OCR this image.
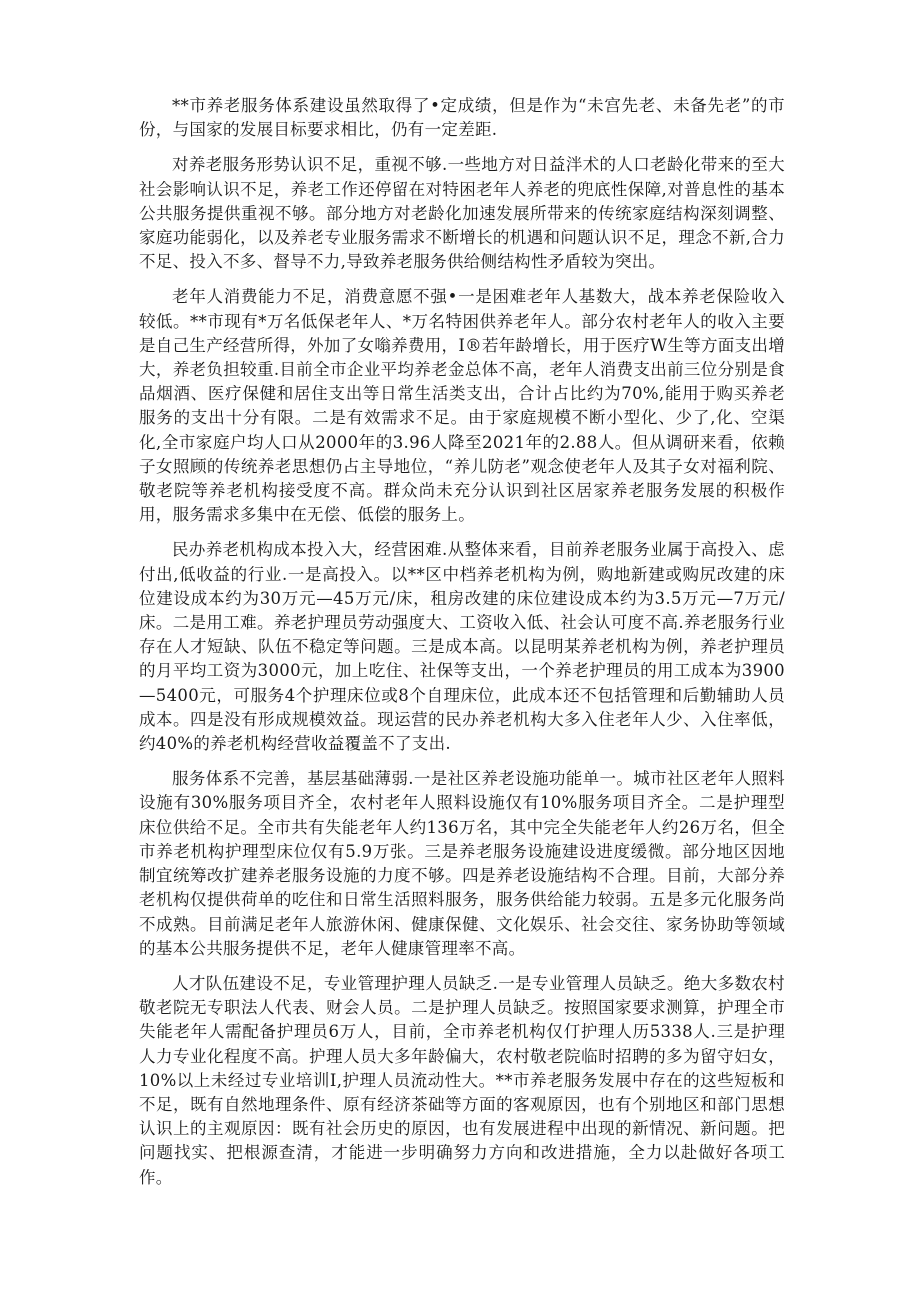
**市养老服务体系建设虽然取得了•定成绩，但是作为“未宫先老、未备先老”的市份，与国家的发展目标要求相比，仍有一定差距.

对养老服务形势认识不足，重视不够.一些地方对日益泮术的人口老龄化带来的至大社会影响认识不足，养老工作还停留在对特困老年人养老的兜底性保障,对普息性的基本公共服务提供重视不够。部分地方对老龄化加速发展所带来的传统家庭结构深刻调整、家庭功能弱化，以及养老专业服务需求不断增长的机遇和问题认识不足，理念不新,合力不足、投入不多、督导不力,导致养老服务供给侧结构性矛盾较为突出。

老年人消费能力不足，消费意愿不强•一是困难老年人基数大，战本养老保险收入较低。**市现有*万名低保老年人、*万名特困供养老年人。部分农村老年人的收入主要是自己生产经营所得，外加了女嗡养费用，I®若年龄增长，用于医疗W生等方面支出增大，养老负担较重.目前全市企业平均养老金总体不高，老年人消费支出前三位分别是食品烟酒、医疗保健和居住支出等日常生活类支出，合计占比约为70%,能用于购买养老服务的支出十分有限。二是有效需求不足。由于家庭规模不断小型化、少了,化、空渠化,全市家庭户均人口从2000年的3.96人降至2021年的2.88人。但从调研来看，依赖子女照顾的传统养老思想仍占主导地位，“养儿防老”观念使老年人及其子女对福利院、敬老院等养老机构接受度不高。群众尚未充分认识到社区居家养老服务发展的积极作用，服务需求多集中在无偿、低偿的服务上。

民办养老机构成本投入大，经营困难.从整体来看，目前养老服务业属于高投入、虑付出,低收益的行业.一是高投入。以**区中档养老机构为例，购地新建或购尻改建的床位建设成本约为30万元—45万元/床，租房改建的床位建设成本约为3.5万元—7万元/床。二是用工难。养老护理员劳动强度大、工资收入低、社会认可度不高.养老服务行业存在人才短缺、队伍不稳定等问题。三是成本高。以昆明某养老机构为例，养老护理员的月平均工资为3000元，加上吃住、社保等支出，一个养老护理员的用工成本为3900—5400元，可服务4个护理床位或8个自理床位，此成本还不包括管理和后勤辅助人员成本。四是没有形成规模效益。现运营的民办养老机构大多入住老年人少、入住率低，约40%的养老机构经营收益覆盖不了支出.

服务体系不完善，基层基础薄弱.一是社区养老设施功能单一。城市社区老年人照料设施有30%服务项目齐全，农村老年人照料设施仅有10%服务项目齐全。二是护理型床位供给不足。全市共有失能老年人约136万名，其中完全失能老年人约26万名，但全市养老机构护理型床位仅有5.9万张。三是养老服务设施建设进度缓微。部分地区因地制宜统筹改扩建养老服务设施的力度不够。四是养老设施结构不合理。目前，大部分养老机构仅提供荷单的吃住和日常生活照料服务，服务供给能力较弱。五是多元化服务尚不成熟。目前满足老年人旅游休闲、健康保健、文化娱乐、社会交往、家务协助等领域的基本公共服务提供不足，老年人健康管理率不高。

人才队伍建设不足，专业管理护理人员缺乏.一是专业管理人员缺乏。绝大多数农村敬老院无专职法人代表、财会人员。二是护理人员缺乏。按照国家要求测算，护理全市失能老年人需配备护理员6万人，目前，全市养老机构仅仃护理人历5338人.三是护理人力专业化程度不高。护理人员大多年龄偏大，农村敬老院临时招聘的多为留守妇女，10%以上未经过专业培训I,护理人员流动性大。**市养老服务发展中存在的这些短板和不足，既有自然地理条件、原有经济茶础等方面的客观原因，也有个别地区和部门思想认识上的主观原因：既有社会历史的原因，也有发展进程中出现的新情况、新问题。把问题找实、把根源查清，才能进一步明确努力方向和改进措施，全力以赴做好各项工作。
